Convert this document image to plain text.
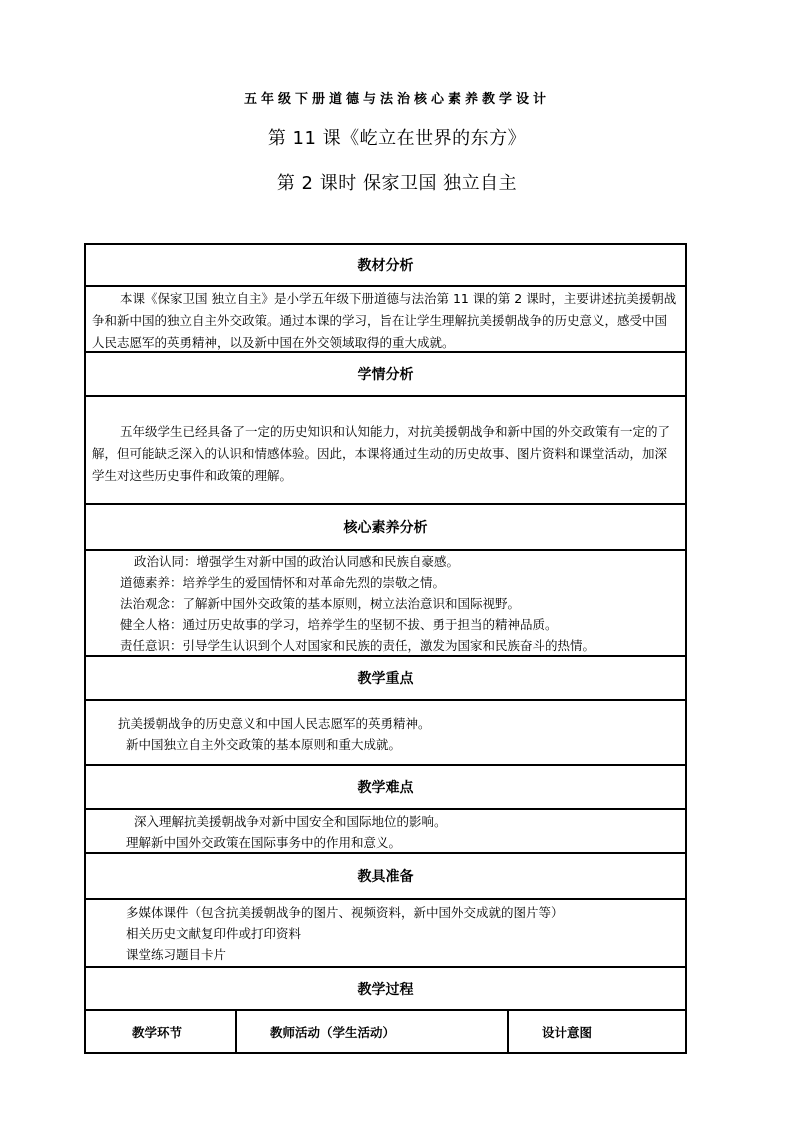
五年级下册道德与法治核心素养教学设计
第 11 课《屹立在世界的东方》
第 2 课时 保家卫国 独立自主
教材分析

本课《保家卫国 独立自主》是小学五年级下册道德与法治第 11 课的第 2 课时，主要讲述抗美援朝战争和新中国的独立自主外交政策。通过本课的学习，旨在让学生理解抗美援朝战争的历史意义，感受中国人民志愿军的英勇精神，以及新中国在外交领域取得的重大成就。

学情分析

五年级学生已经具备了一定的历史知识和认知能力，对抗美援朝战争和新中国的外交政策有一定的了解，但可能缺乏深入的认识和情感体验。因此，本课将通过生动的历史故事、图片资料和课堂活动，加深学生对这些历史事件和政策的理解。

核心素养分析
政治认同：增强学生对新中国的政治认同感和民族自豪感。
道德素养：培养学生的爱国情怀和对革命先烈的崇敬之情。
法治观念：了解新中国外交政策的基本原则，树立法治意识和国际视野。
健全人格：通过历史故事的学习，培养学生的坚韧不拔、勇于担当的精神品质。
责任意识：引导学生认识到个人对国家和民族的责任，激发为国家和民族奋斗的热情。
教学重点
抗美援朝战争的历史意义和中国人民志愿军的英勇精神。
新中国独立自主外交政策的基本原则和重大成就。
教学难点
深入理解抗美援朝战争对新中国安全和国际地位的影响。
理解新中国外交政策在国际事务中的作用和意义。
教具准备
多媒体课件（包含抗美援朝战争的图片、视频资料，新中国外交成就的图片等）
相关历史文献复印件或打印资料
课堂练习题目卡片
教学过程
教学环节	教师活动（学生活动）	设计意图
